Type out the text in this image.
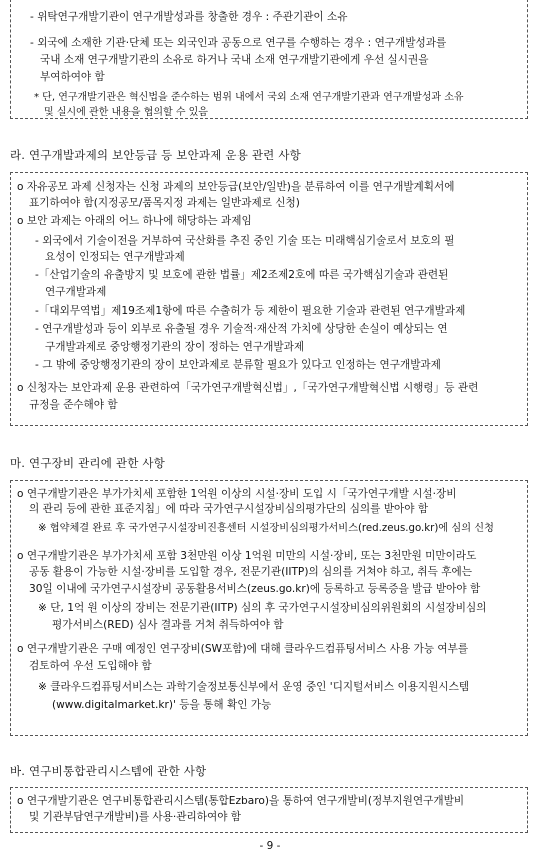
- 위탁연구개발기관이 연구개발성과를 창출한 경우 : 주관기관이 소유
- 외국에 소재한 기관·단체 또는 외국인과 공동으로 연구를 수행하는 경우 : 연구개발성과를
국내 소재 연구개발기관의 소유로 하거나 국내 소재 연구개발기관에게 우선 실시권을
부여하여야 함
* 단, 연구개발기관은 혁신법을 준수하는 범위 내에서 국외 소재 연구개발기관과 연구개발성과 소유
및 실시에 관한 내용을 협의할 수 있음
라. 연구개발과제의 보안등급 등 보안과제 운용 관련 사항
o 자유공모 과제 신청자는 신청 과제의 보안등급(보안/일반)을 분류하여 이를 연구개발계획서에
표기하여야 함(지정공모/품목지정 과제는 일반과제로 신청)
o 보안 과제는 아래의 어느 하나에 해당하는 과제임
- 외국에서 기술이전을 거부하여 국산화를 추진 중인 기술 또는 미래핵심기술로서 보호의 필
요성이 인정되는 연구개발과제
-「산업기술의 유출방지 및 보호에 관한 법률」제2조제2호에 따른 국가핵심기술과 관련된
연구개발과제
-「대외무역법」제19조제1항에 따른 수출허가 등 제한이 필요한 기술과 관련된 연구개발과제
- 연구개발성과 등이 외부로 유출될 경우 기술적·재산적 가치에 상당한 손실이 예상되는 연
구개발과제로 중앙행정기관의 장이 정하는 연구개발과제
- 그 밖에 중앙행정기관의 장이 보안과제로 분류할 필요가 있다고 인정하는 연구개발과제
o 신청자는 보안과제 운용 관련하여「국가연구개발혁신법」,「국가연구개발혁신법 시행령」등 관련
규정을 준수해야 함
마. 연구장비 관리에 관한 사항
o 연구개발기관은 부가가치세 포함한 1억원 이상의 시설·장비 도입 시「국가연구개발 시설·장비
의 관리 등에 관한 표준지침」에 따라 국가연구시설장비심의평가단의 심의를 받아야 함
※ 협약체결 완료 후 국가연구시설장비진흥센터 시설장비심의평가서비스(red.zeus.go.kr)에 심의 신청
o 연구개발기관은 부가가치세 포함 3천만원 이상 1억원 미만의 시설·장비, 또는 3천만원 미만이라도
공동 활용이 가능한 시설·장비를 도입할 경우, 전문기관(IITP)의 심의를 거쳐야 하고, 취득 후에는
30일 이내에 국가연구시설장비 공동활용서비스(zeus.go.kr)에 등록하고 등록증을 발급 받아야 함
※ 단, 1억 원 이상의 장비는 전문기관(IITP) 심의 후 국가연구시설장비심의위원회의 시설장비심의
평가서비스(RED) 심사 결과를 거쳐 취득하여야 함
o 연구개발기관은 구매 예정인 연구장비(SW포함)에 대해 클라우드컴퓨팅서비스 사용 가능 여부를
검토하여 우선 도입해야 함
※ 클라우드컴퓨팅서비스는 과학기술정보통신부에서 운영 중인 '디지털서비스 이용지원시스템
(www.digitalmarket.kr)' 등을 통해 확인 가능
바. 연구비통합관리시스템에 관한 사항
o 연구개발기관은 연구비통합관리시스템(통합Ezbaro)을 통하여 연구개발비(정부지원연구개발비
및 기관부담연구개발비)를 사용·관리하여야 함
- 9 -
